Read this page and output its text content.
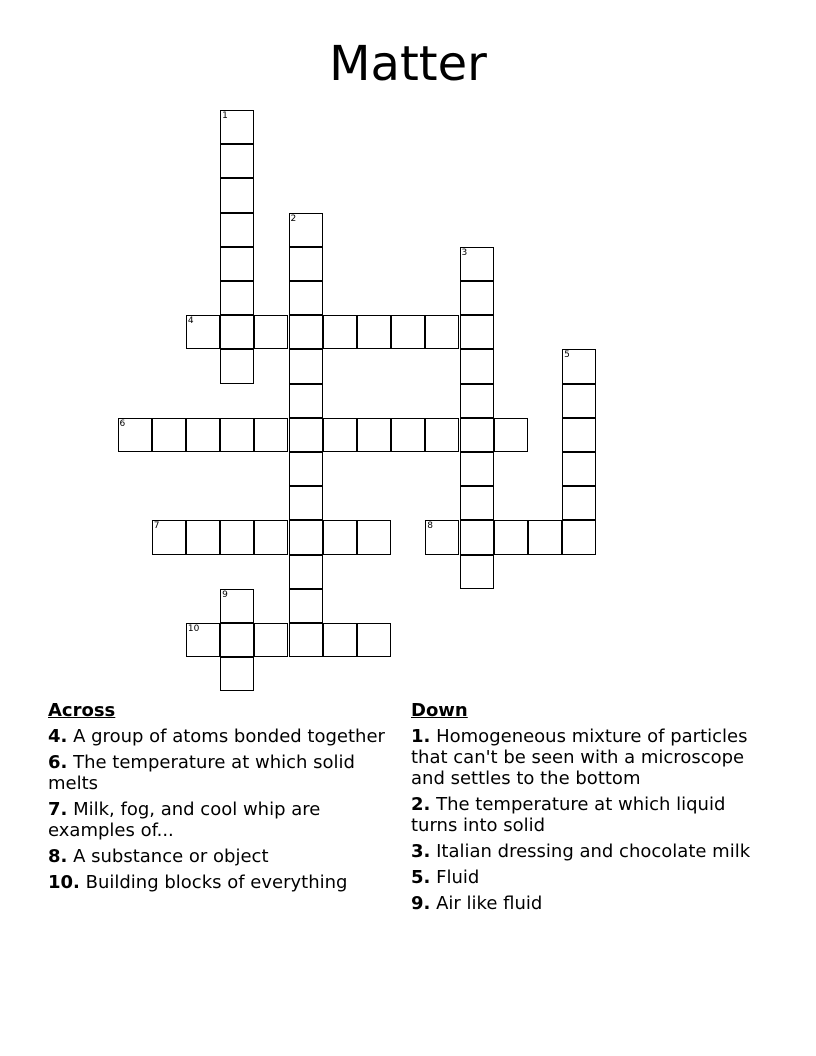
Matter
1
2
3
4
5
6
7	8
9
10
Across
4. A group of atoms bonded together
6. The temperature at which solid melts
7. Milk, fog, and cool whip are examples of...
8. A substance or object
10. Building blocks of everything
Down
1. Homogeneous mixture of particles that can't be seen with a microscope and settles to the bottom
2. The temperature at which liquid turns into solid
3. Italian dressing and chocolate milk
5. Fluid
9. Air like fluid
